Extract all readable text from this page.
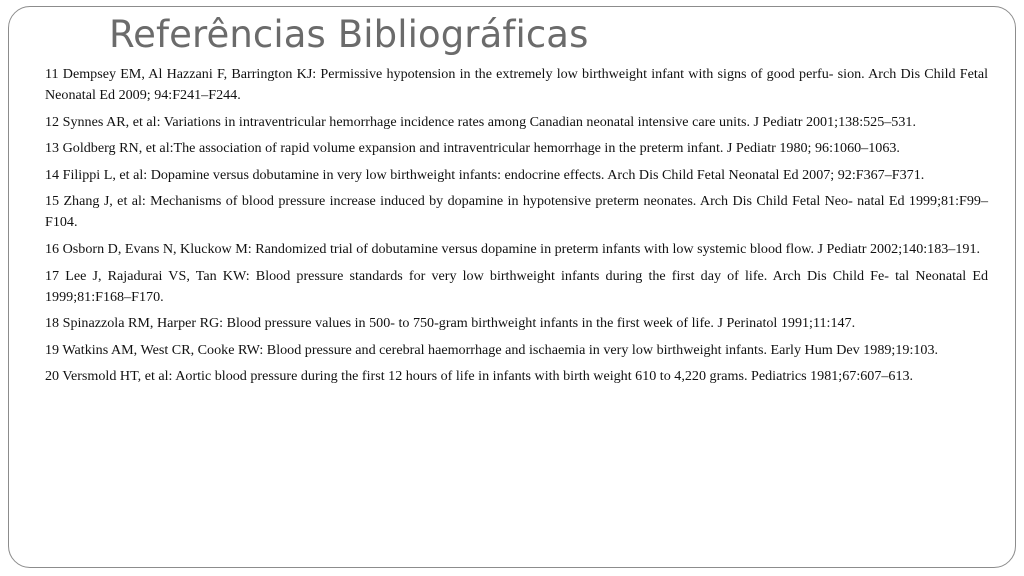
Referências Bibliográficas
11 Dempsey EM, Al Hazzani F, Barrington KJ: Permissive hypotension in the extremely low birthweight infant with signs of good perfu- sion. Arch Dis Child Fetal Neonatal Ed 2009; 94:F241–F244.
12 Synnes AR, et al: Variations in intraventricular hemorrhage incidence rates among Canadian neonatal intensive care units. J Pediatr 2001;138:525–531.
13 Goldberg RN, et al:The association of rapid volume expansion and intraventricular hemorrhage in the preterm infant. J Pediatr 1980; 96:1060–1063.
14 Filippi L, et al: Dopamine versus dobutamine in very low birthweight infants: endocrine effects. Arch Dis Child Fetal Neonatal Ed 2007; 92:F367–F371.
15 Zhang J, et al: Mechanisms of blood pressure increase induced by dopamine in hypotensive preterm neonates. Arch Dis Child Fetal Neo- natal Ed 1999;81:F99–F104.
16 Osborn D, Evans N, Kluckow M: Randomized trial of dobutamine versus dopamine in preterm infants with low systemic blood flow. J Pediatr 2002;140:183–191.
17 Lee J, Rajadurai VS, Tan KW: Blood pressure standards for very low birthweight infants during the first day of life. Arch Dis Child Fe- tal Neonatal Ed 1999;81:F168–F170.
18 Spinazzola RM, Harper RG: Blood pressure values in 500- to 750-gram birthweight infants in the first week of life. J Perinatol 1991;11:147.
19 Watkins AM, West CR, Cooke RW: Blood pressure and cerebral haemorrhage and ischaemia in very low birthweight infants. Early Hum Dev 1989;19:103.
20 Versmold HT, et al: Aortic blood pressure during the first 12 hours of life in infants with birth weight 610 to 4,220 grams. Pediatrics 1981;67:607–613.
